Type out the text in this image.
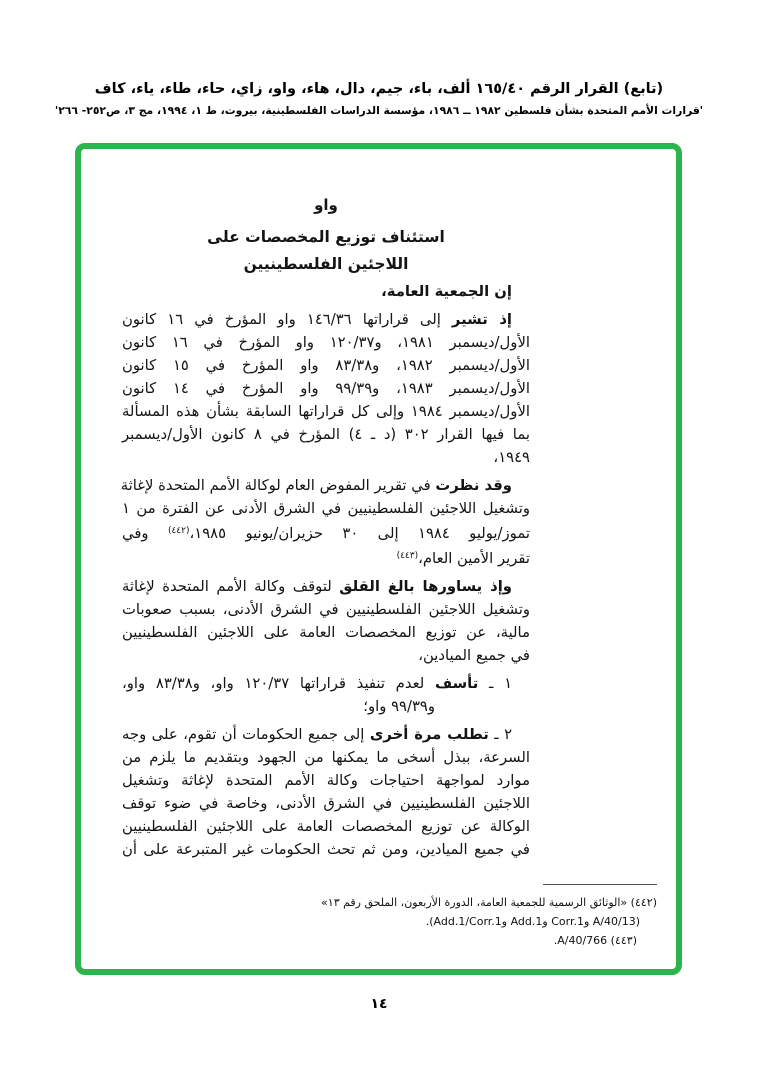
(تابع) القرار الرقم ١٦٥/٤٠ ألف، باء، جيم، دال، هاء، واو، زاي، حاء، طاء، ياء، كاف
'قرارات الأمم المتحدة بشأن فلسطين ١٩٨٢ ــ ١٩٨٦، مؤسسة الدراسات الفلسطينية، بيروت، ط ١، ١٩٩٤، مج ٣، ص٢٥٢- ٢٦٦'
واو
استئناف توزيع المخصصات على
اللاجئين الفلسطينيين
إن الجمعية العامة،
إذ تشير إلى قراراتها ١٤٦/٣٦ واو المؤرخ في ١٦ كانون
الأول/ديسمبر ١٩٨١، و١٢٠/٣٧ واو المؤرخ في ١٦ كانون
الأول/ديسمبر ١٩٨٢، و٨٣/٣٨ واو المؤرخ في ١٥ كانون
الأول/ديسمبر ١٩٨٣، و٩٩/٣٩ واو المؤرخ في ١٤ كانون
الأول/ديسمبر ١٩٨٤ وإلى كل قراراتها السابقة بشأن هذه المسألة
بما فيها القرار ٣٠٢ (د ـ ٤) المؤرخ في ٨ كانون الأول/ديسمبر
١٩٤٩،
وقد نظرت في تقرير المفوض العام لوكالة الأمم المتحدة لإغاثة
وتشغيل اللاجئين الفلسطينيين في الشرق الأدنى عن الفترة من ١
تموز/يوليو ١٩٨٤ إلى ٣٠ حزيران/يونيو ١٩٨٥،$^{(٤٤٢)}$ وفي
تقرير الأمين العام،$^{(٤٤٣)}$
وإذ يساورها بالغ القلق لتوقف وكالة الأمم المتحدة لإغاثة
وتشغيل اللاجئين الفلسطينيين في الشرق الأدنى، بسبب صعوبات
مالية، عن توزيع المخصصات العامة على اللاجئين الفلسطينيين
في جميع الميادين،
١ ـ تأسف لعدم تنفيذ قراراتها ١٢٠/٣٧ واو، و٨٣/٣٨ واو،
و٩٩/٣٩ واو؛
٢ ـ تطلب مرة أخرى إلى جميع الحكومات أن تقوم، على وجه
السرعة، ببذل أسخى ما يمكنها من الجهود وبتقديم ما يلزم من
موارد لمواجهة احتياجات وكالة الأمم المتحدة لإغاثة وتشغيل
اللاجئين الفلسطينيين في الشرق الأدنى، وخاصة في ضوء توقف
الوكالة عن توزيع المخصصات العامة على اللاجئين الفلسطينيين
في جميع الميادين، ومن ثم تحث الحكومات غير المتبرعة على أن
(٤٤٢) «الوثائق الرسمية للجمعية العامة، الدورة الأربعون، الملحق رقم ١٣»
(A/40/13 وCorr.1 وAdd.1 وAdd.1/Corr.1).
(٤٤٣) A/40/766.
١٤
